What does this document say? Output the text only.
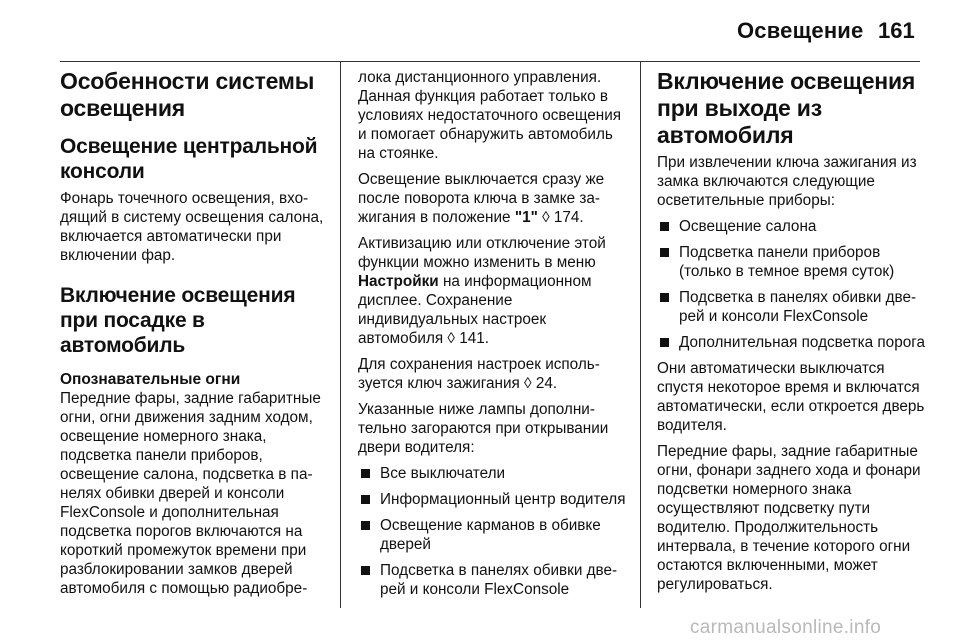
Освещение 161
Особенности системы освещения
Освещение центральной консоли
Фонарь точечного освещения, входящий в систему освещения салона, включается автоматически при включении фар.
Включение освещения при посадке в автомобиль
Опознавательные огни
Передние фары, задние габаритные огни, огни движения задним ходом, освещение номерного знака, подсветка панели приборов, освещение салона, подсветка в панелях обивки дверей и консоли FlexConsole и дополнительная подсветка порогов включаются на короткий промежуток времени при разблокировании замков дверей автомобиля с помощью радиобре-
лока дистанционного управления. Данная функция работает только в условиях недостаточного освещения и помогает обнаружить автомобиль на стоянке.
Освещение выключается сразу же после поворота ключа в замке зажигания в положение "1" ◊ 174.
Активизацию или отключение этой функции можно изменить в меню Настройки на информационном дисплее. Сохранение индивидуальных настроек автомобиля ◊ 141.
Для сохранения настроек используется ключ зажигания ◊ 24.
Указанные ниже лампы дополнительно загораются при открывании двери водителя:
Все выключатели
Информационный центр водителя
Освещение карманов в обивке дверей
Подсветка в панелях обивки дверей и консоли FlexConsole
Включение освещения при выходе из автомобиля
При извлечении ключа зажигания из замка включаются следующие осветительные приборы:
Освещение салона
Подсветка панели приборов (только в темное время суток)
Подсветка в панелях обивки дверей и консоли FlexConsole
Дополнительная подсветка порога
Они автоматически выключатся спустя некоторое время и включатся автоматически, если откроется дверь водителя.
Передние фары, задние габаритные огни, фонари заднего хода и фонари подсветки номерного знака осуществляют подсветку пути водителю. Продолжительность интервала, в течение которого огни остаются включенными, может регулироваться.
carmanualsonline.info
